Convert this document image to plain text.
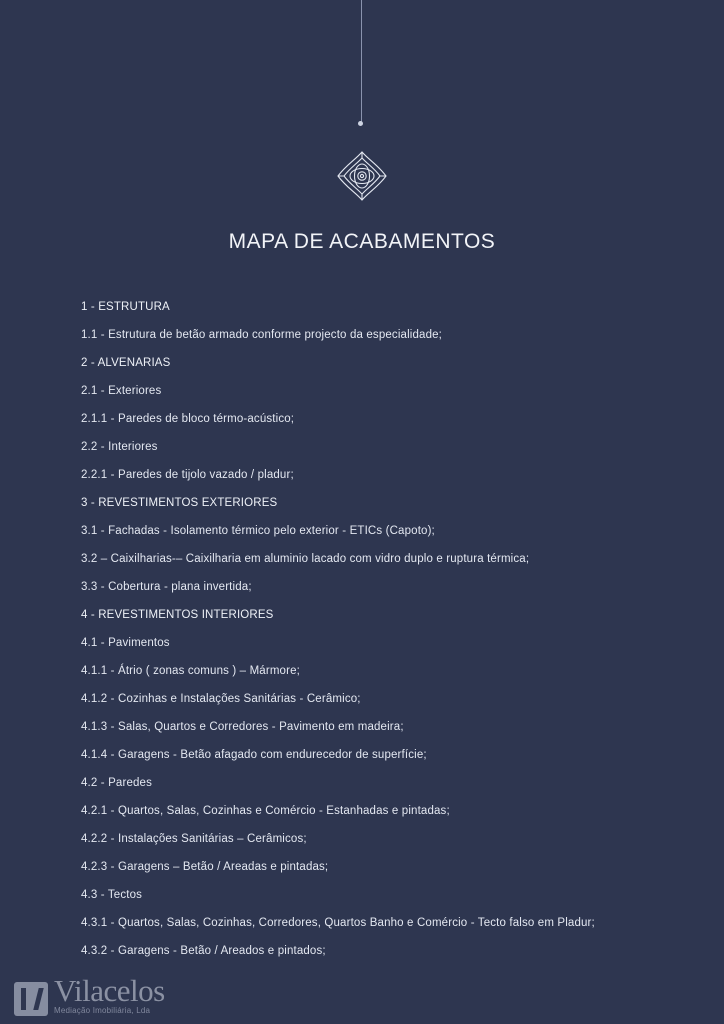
MAPA DE ACABAMENTOS
1 - ESTRUTURA
1.1 - Estrutura de betão armado conforme projecto da especialidade;
2 - ALVENARIAS
2.1 - Exteriores
2.1.1 - Paredes de bloco térmo-acústico;
2.2 - Interiores
2.2.1 - Paredes de tijolo vazado / pladur;
3 - REVESTIMENTOS EXTERIORES
3.1 - Fachadas - Isolamento térmico pelo exterior - ETICs (Capoto);
3.2 – Caixilharias-– Caixilharia em aluminio lacado com vidro duplo e ruptura térmica;
3.3 - Cobertura - plana invertida;
4 - REVESTIMENTOS INTERIORES
4.1 - Pavimentos
4.1.1 - Átrio ( zonas comuns ) – Mármore;
4.1.2 - Cozinhas e Instalações Sanitárias - Cerâmico;
4.1.3 - Salas, Quartos e Corredores - Pavimento em madeira;
4.1.4 - Garagens - Betão afagado com endurecedor de superfície;
4.2 - Paredes
4.2.1 - Quartos, Salas, Cozinhas e Comércio - Estanhadas e pintadas;
4.2.2 - Instalações Sanitárias – Cerâmicos;
4.2.3 - Garagens – Betão / Areadas e pintadas;
4.3 - Tectos
4.3.1 - Quartos, Salas, Cozinhas, Corredores, Quartos Banho e Comércio - Tecto falso em Pladur;
4.3.2 - Garagens - Betão / Areados e pintados;
Vilacelos
Mediação Imobiliária, Lda
